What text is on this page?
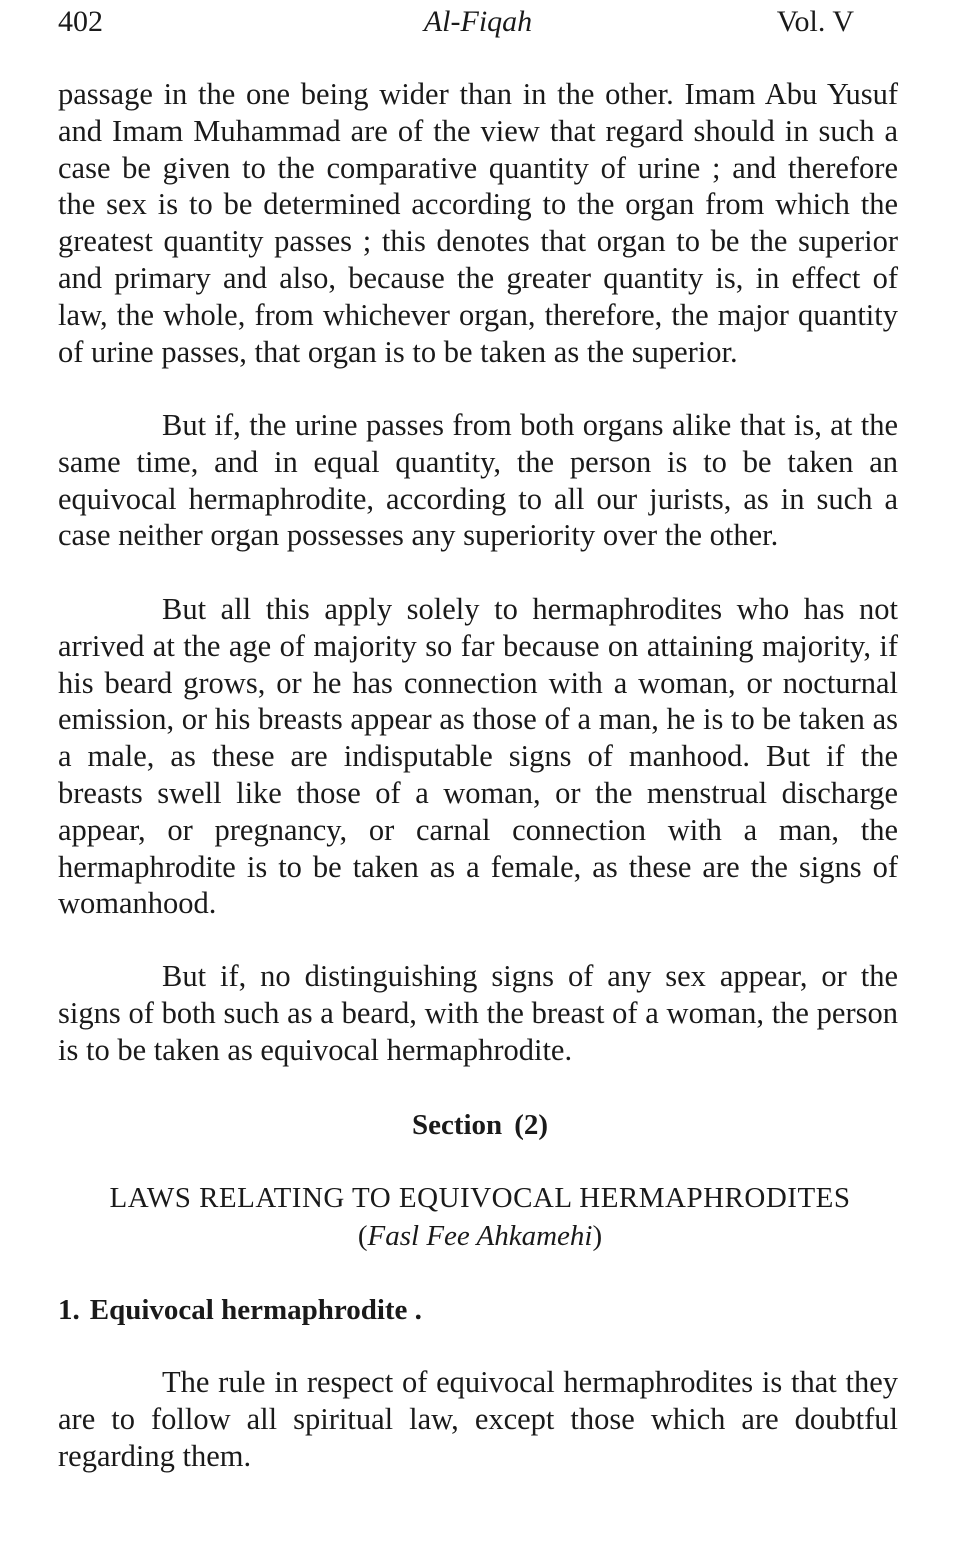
402	Al-Fiqah	Vol. V

passage in the one being wider than in the other. Imam Abu Yusuf and Imam Muhammad are of the view that regard should in such a case be given to the comparative quantity of urine ; and therefore the sex is to be determined according to the organ from which the greatest quantity passes ; this denotes that organ to be the superior and primary and also, because the greater quantity is, in effect of law, the whole, from whichever organ, therefore, the major quantity of urine passes, that organ is to be taken as the superior.

But if, the urine passes from both organs alike that is, at the same time, and in equal quantity, the person is to be taken an equivocal hermaphrodite, according to all our jurists, as in such a case neither organ possesses any superiority over the other.

But all this apply solely to hermaphrodites who has not arrived at the age of majority so far because on attaining majority, if his beard grows, or he has connection with a woman, or nocturnal emission, or his breasts appear as those of a man, he is to be taken as a male, as these are indisputable signs of manhood. But if the breasts swell like those of a woman, or the menstrual discharge appear, or pregnancy, or carnal connection with a man, the hermaphrodite is to be taken as a female, as these are the signs of womanhood.

But if, no distinguishing signs of any sex appear, or the signs of both such as a beard, with the breast of a woman, the person is to be taken as equivocal hermaphrodite.

Section (2)
LAWS RELATING TO EQUIVOCAL HERMAPHRODITES
(Fasl Fee Ahkamehi)
1. Equivocal hermaphrodite .

The rule in respect of equivocal hermaphrodites is that they are to follow all spiritual law, except those which are doubtful regarding them.
